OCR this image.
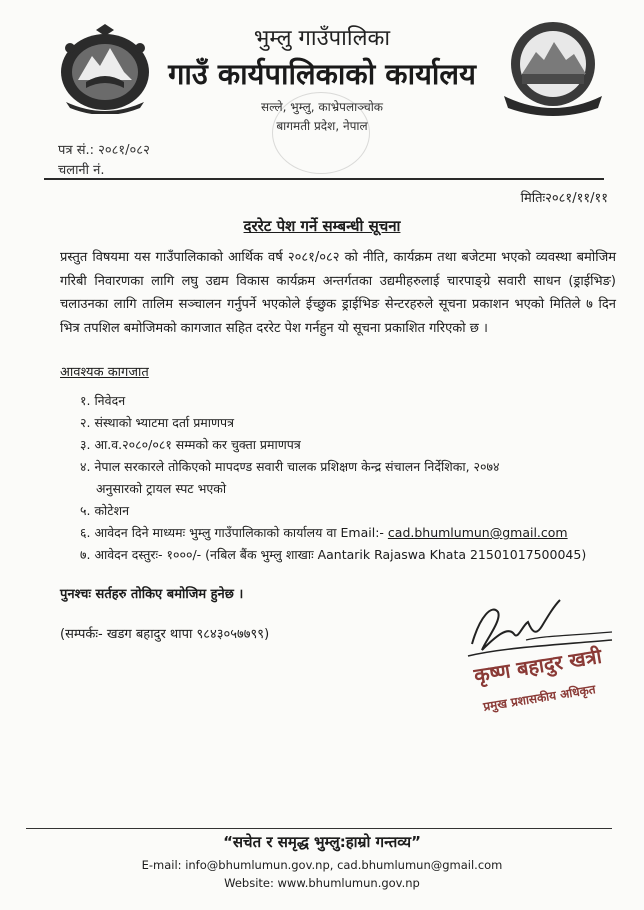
भुम्लु गाउँपालिका
गाउँ कार्यपालिकाको कार्यालय
सल्ले, भुम्लु, काभ्रेपलाञ्चोक
बागमती प्रदेश, नेपाल
पत्र सं.: २०८१/०८२
चलानी नं.
मितिः२०८१/११/११
दररेट पेश गर्ने सम्बन्धी सूचना
प्रस्तुत विषयमा यस गाउँपालिकाको आर्थिक वर्ष २०८१/०८२ को नीति, कार्यक्रम तथा बजेटमा भएको व्यवस्था बमोजिम गरिबी निवारणका लागि लघु उद्यम विकास कार्यक्रम अन्तर्गतका उद्यमीहरुलाई चारपाङ्ग्रे सवारी साधन (ड्राईभिङ) चलाउनका लागि तालिम सञ्चालन गर्नुपर्ने भएकोले ईच्छुक ड्राईभिङ सेन्टरहरुले सूचना प्रकाशन भएको मितिले ७ दिन भित्र तपशिल बमोजिमको कागजात सहित दररेट पेश गर्नहुन यो सूचना प्रकाशित गरिएको छ ।
आवश्यक कागजात
१. निवेदन
२. संस्थाको भ्याटमा दर्ता प्रमाणपत्र
३. आ.व.२०८०/०८१ सम्मको कर चुक्ता प्रमाणपत्र
४. नेपाल सरकारले तोकिएको मापदण्ड सवारी चालक प्रशिक्षण केन्द्र संचालन निर्देशिका, २०७४
अनुसारको ट्रायल स्पट भएको
५. कोटेशन
६. आवेदन दिने माध्यमः भुम्लु गाउँपालिकाको कार्यालय वा Email:- cad.bhumlumun@gmail.com
७. आवेदन दस्तुरः- १०००/- (नबिल बैंक भुम्लु शाखाः Aantarik Rajaswa Khata 21501017500045)
पुनश्चः सर्तहरु तोकिए बमोजिम हुनेछ ।
(सम्पर्कः- खडग बहादुर थापा ९८४३०५७७९९)
कृष्ण बहादुर खत्री
प्रमुख प्रशासकीय अधिकृत
“सचेत र समृद्ध भुम्लु:हाम्रो गन्तव्य”
E-mail: info@bhumlumun.gov.np, cad.bhumlumun@gmail.com
Website: www.bhumlumun.gov.np
